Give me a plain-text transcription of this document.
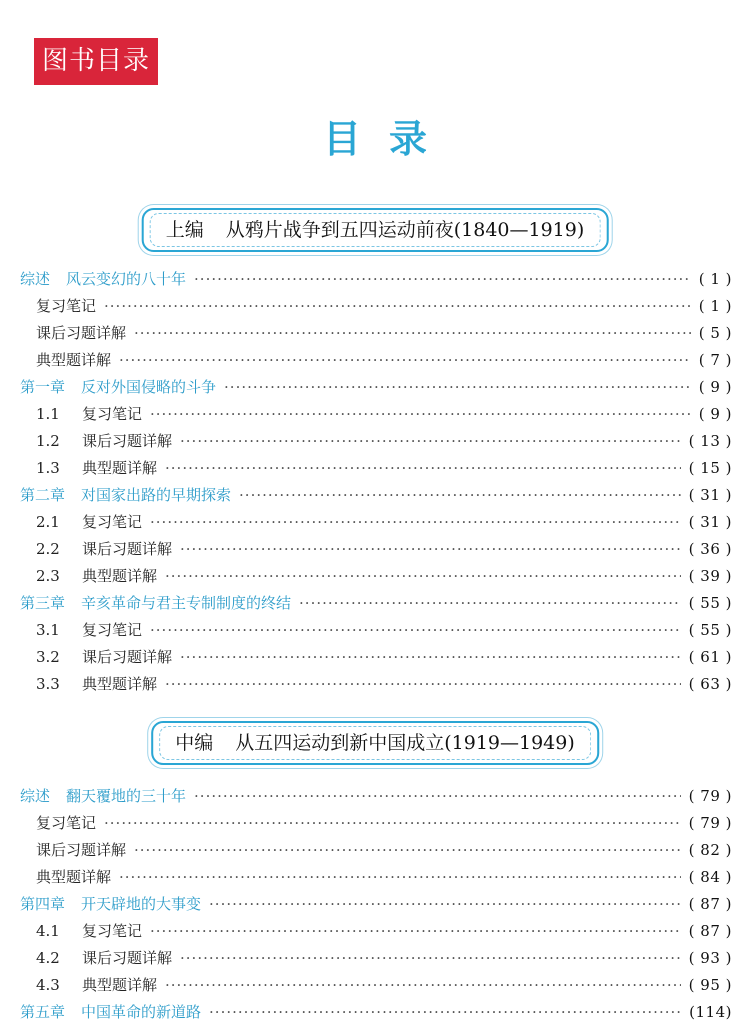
图书目录
目录
上编 从鸦片战争到五四运动前夜(1840—1919)
综述 风云变幻的八十年 ·····	( 1 )
复习笔记 ·····	( 1 )
课后习题详解 ·····	( 5 )
典型题详解 ·····	( 7 )
第一章 反对外国侵略的斗争 ·····	( 9 )
1.1	复习笔记 ·····	( 9 )
1.2	课后习题详解 ·····	( 13 )
1.3	典型题详解 ·····	( 15 )
第二章 对国家出路的早期探索 ·····	( 31 )
2.1	复习笔记 ·····	( 31 )
2.2	课后习题详解 ·····	( 36 )
2.3	典型题详解 ·····	( 39 )
第三章 辛亥革命与君主专制制度的终结 ·····	( 55 )
3.1	复习笔记 ·····	( 55 )
3.2	课后习题详解 ·····	( 61 )
3.3	典型题详解 ·····	( 63 )
中编 从五四运动到新中国成立(1919—1949)
综述 翻天覆地的三十年 ·····	( 79 )
复习笔记 ·····	( 79 )
课后习题详解 ·····	( 82 )
典型题详解 ·····	( 84 )
第四章 开天辟地的大事变 ·····	( 87 )
4.1	复习笔记 ·····	( 87 )
4.2	课后习题详解 ·····	( 93 )
4.3	典型题详解 ·····	( 95 )
第五章 中国革命的新道路 ·····	(114)
